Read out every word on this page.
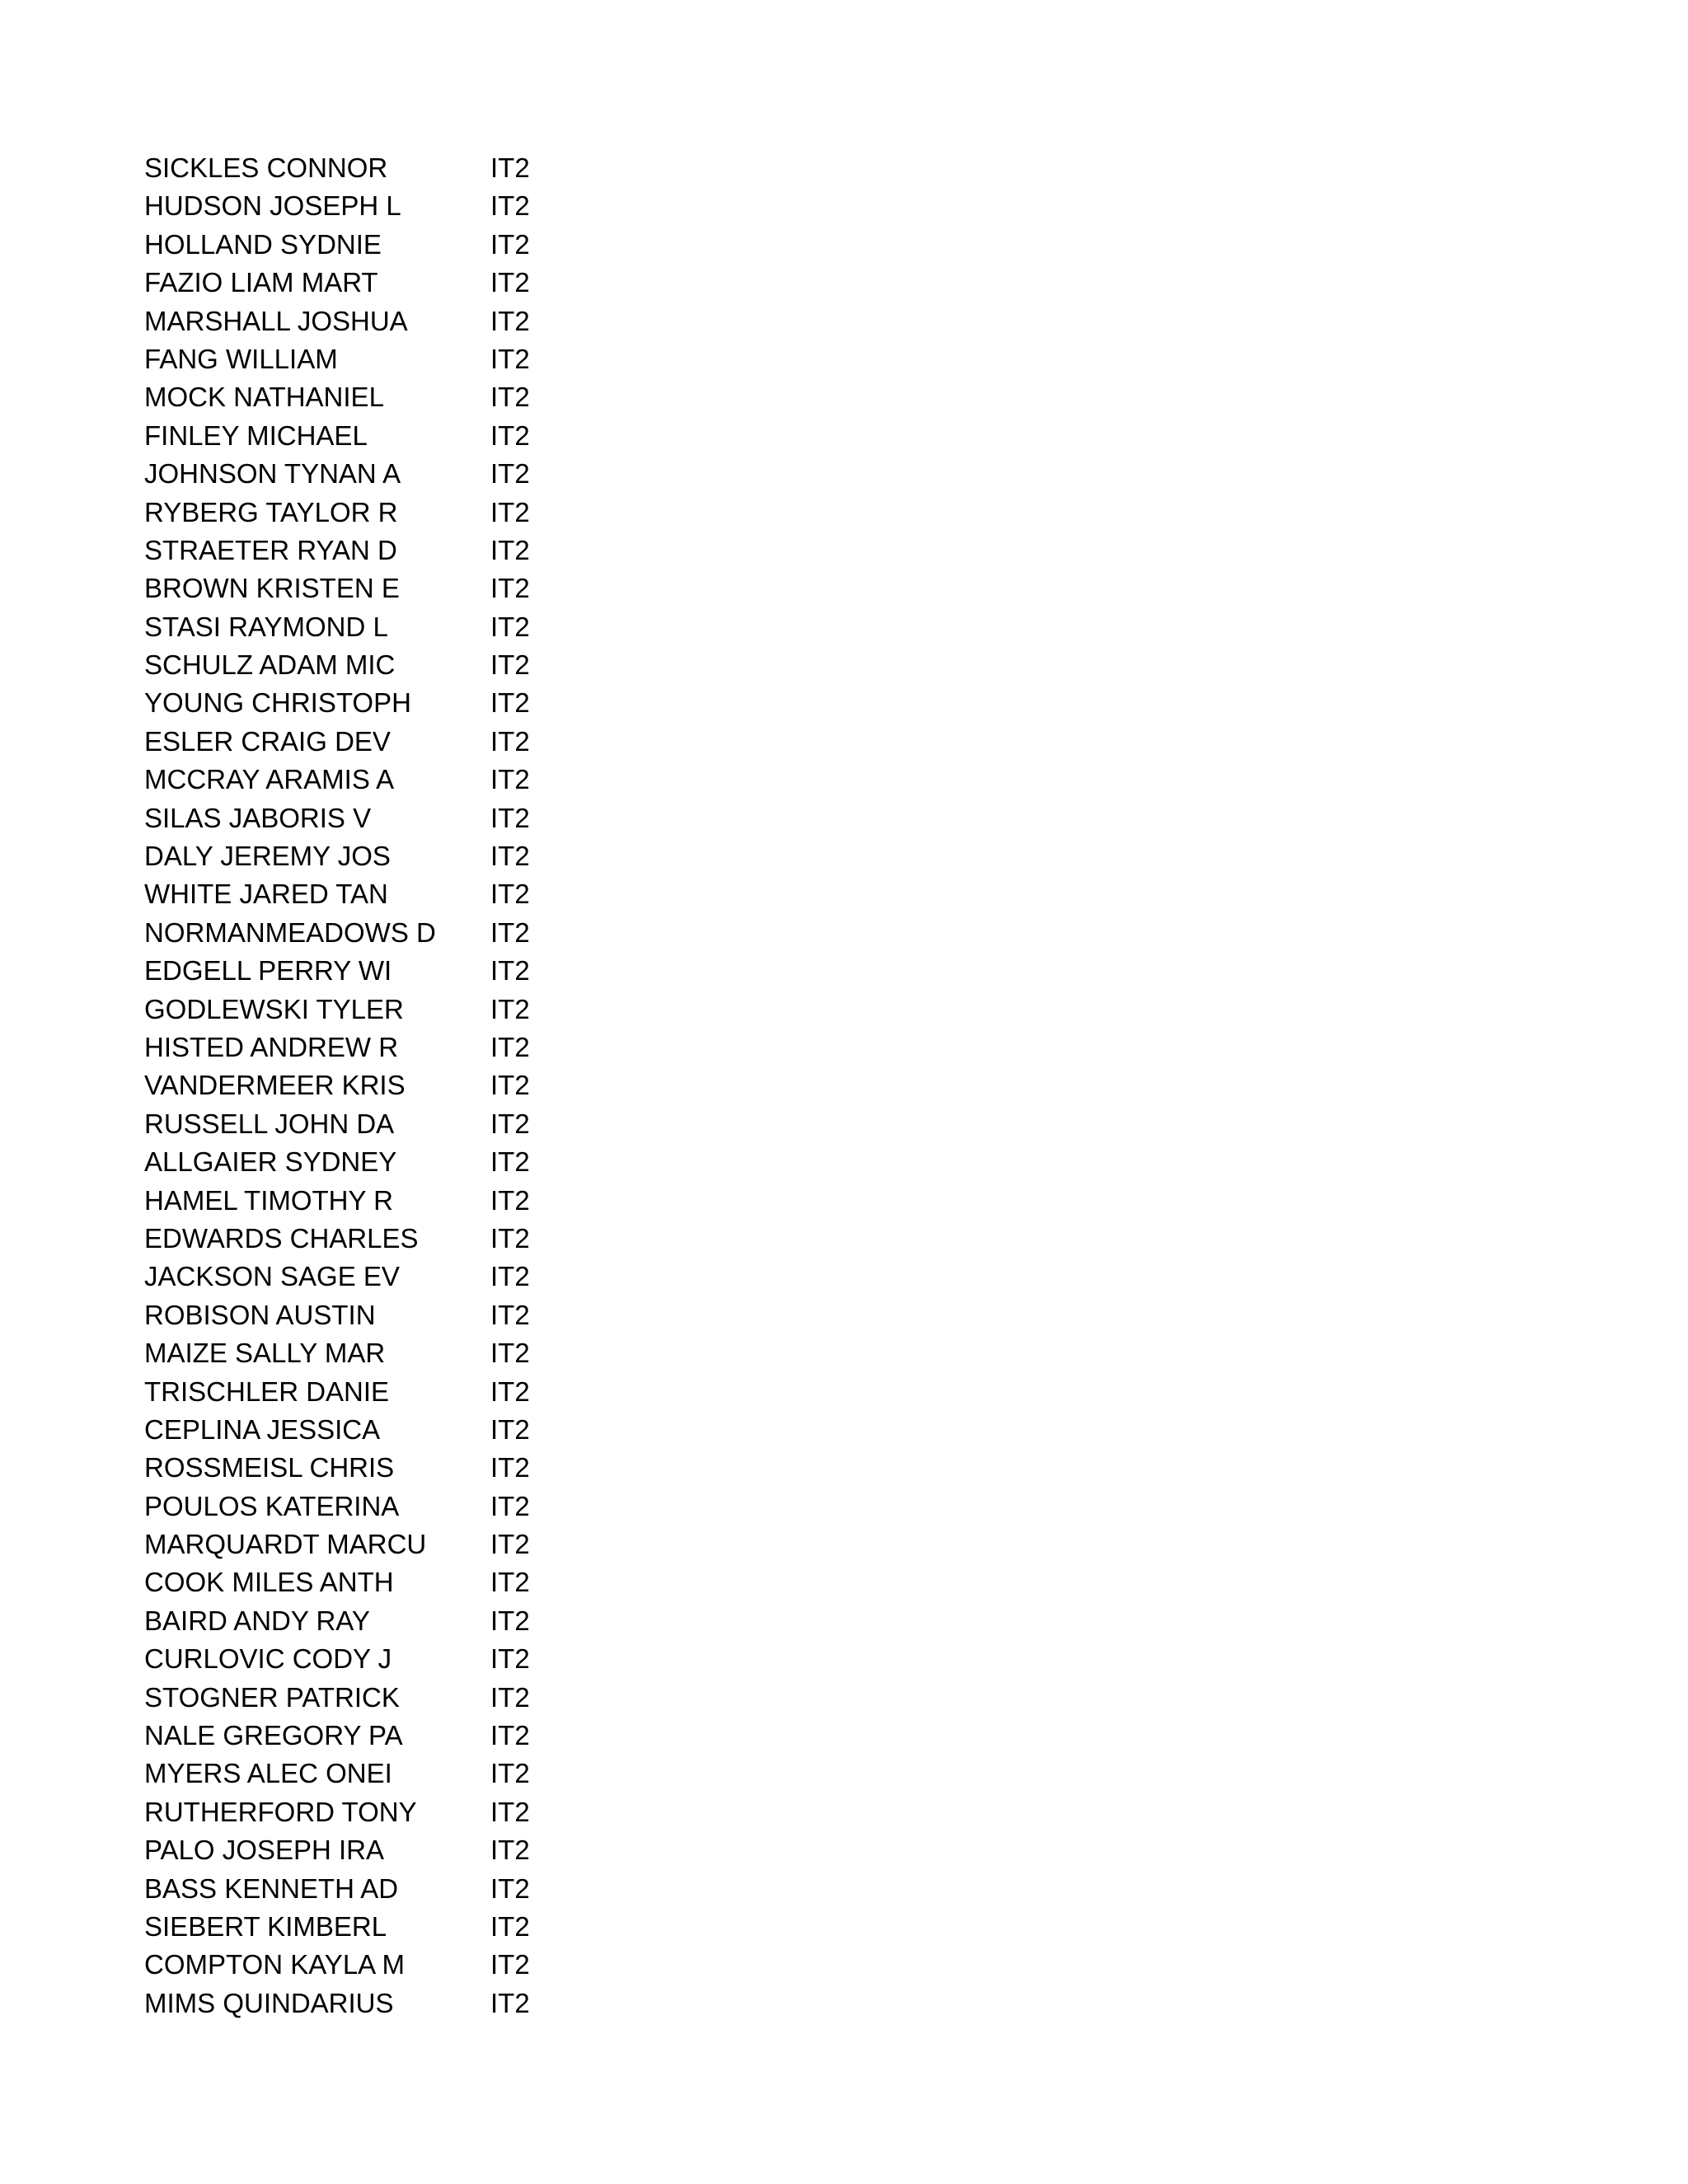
SICKLES CONNOR	IT2
HUDSON JOSEPH L	IT2
HOLLAND SYDNIE	IT2
FAZIO LIAM MART	IT2
MARSHALL JOSHUA	IT2
FANG WILLIAM	IT2
MOCK NATHANIEL	IT2
FINLEY MICHAEL	IT2
JOHNSON TYNAN A	IT2
RYBERG TAYLOR R	IT2
STRAETER RYAN D	IT2
BROWN KRISTEN E	IT2
STASI RAYMOND L	IT2
SCHULZ ADAM MIC	IT2
YOUNG CHRISTOPH	IT2
ESLER CRAIG DEV	IT2
MCCRAY ARAMIS A	IT2
SILAS JABORIS V	IT2
DALY JEREMY JOS	IT2
WHITE JARED TAN	IT2
NORMANMEADOWS D	IT2
EDGELL PERRY WI	IT2
GODLEWSKI TYLER	IT2
HISTED ANDREW R	IT2
VANDERMEER KRIS	IT2
RUSSELL JOHN DA	IT2
ALLGAIER SYDNEY	IT2
HAMEL TIMOTHY R	IT2
EDWARDS CHARLES	IT2
JACKSON SAGE EV	IT2
ROBISON AUSTIN	IT2
MAIZE SALLY MAR	IT2
TRISCHLER DANIE	IT2
CEPLINA JESSICA	IT2
ROSSMEISL CHRIS	IT2
POULOS KATERINA	IT2
MARQUARDT MARCU	IT2
COOK MILES ANTH	IT2
BAIRD ANDY RAY	IT2
CURLOVIC CODY J	IT2
STOGNER PATRICK	IT2
NALE GREGORY PA	IT2
MYERS ALEC ONEI	IT2
RUTHERFORD TONY	IT2
PALO JOSEPH IRA	IT2
BASS KENNETH AD	IT2
SIEBERT KIMBERL	IT2
COMPTON KAYLA M	IT2
MIMS QUINDARIUS	IT2
